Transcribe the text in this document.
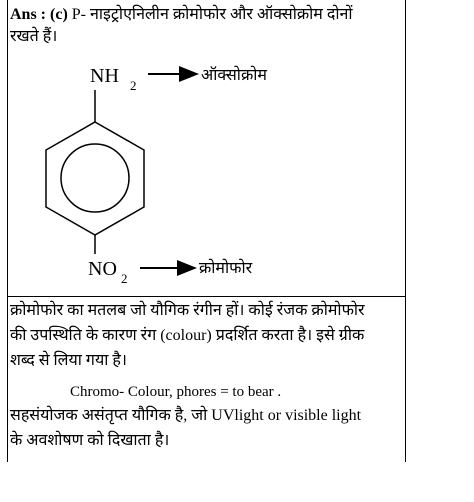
Ans : (c) P- नाइट्रोएनिलीन क्रोमोफोर और ऑक्सोक्रोम दोनों
रखते हैं।
NH 2
ऑक्सोक्रोम
NO 2
क्रोमोफोर
क्रोमोफोर का मतलब जो यौगिक रंगीन हों। कोई रंजक क्रोमोफोर
की उपस्थिति के कारण रंग (colour) प्रदर्शित करता है। इसे ग्रीक
शब्द से लिया गया है।
Chromo- Colour, phores = to bear .
सहसंयोजक असंतृप्त यौगिक है, जो UVlight or visible light
के अवशोषण को दिखाता है।
